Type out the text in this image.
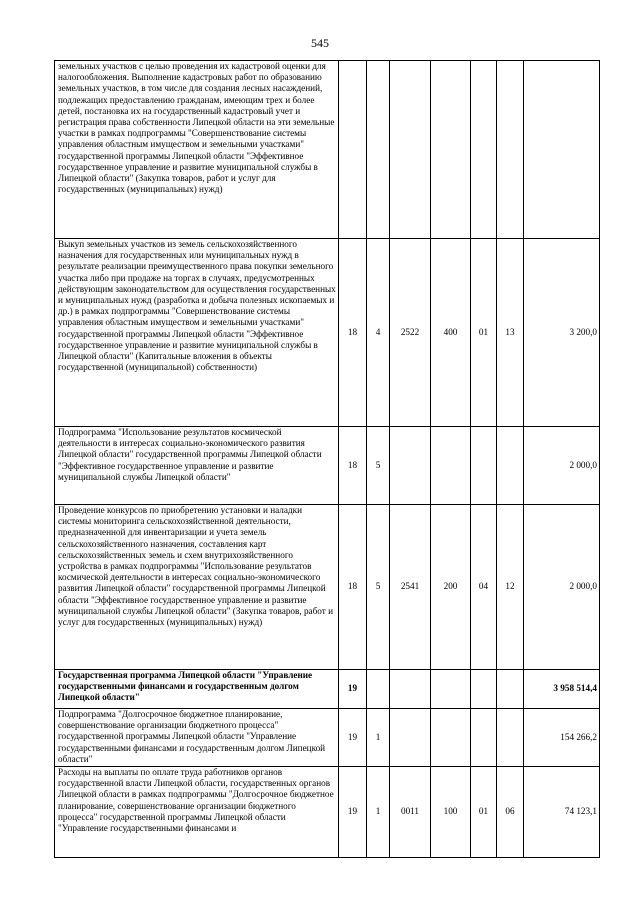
545
земельных участков с целью проведения их кадастровой оценки для налогообложения. Выполнение кадастровых работ по образованию земельных участков, в том числе для создания лесных насаждений, подлежащих предоставлению гражданам, имеющим трех и более детей, постановка их на государственный кадастровый учет и регистрация права собственности Липецкой области на эти земельные участки в рамках подпрограммы "Совершенствование системы управления областным имуществом и земельными участками" государственной программы Липецкой области "Эффективное государственное управление и развитие муниципальной службы в Липецкой области" (Закупка товаров, работ и услуг для государственных (муниципальных) нужд)							
Выкуп земельных участков из земель сельскохозяйственного назначения для государственных или муниципальных нужд в результате реализации преимущественного права покупки земельного участка либо при продаже на торгах в случаях, предусмотренных действующим законодательством для осуществления государственных и муниципальных нужд (разработка и добыча полезных ископаемых и др.) в рамках подпрограммы "Совершенствование системы управления областным имуществом и земельными участками" государственной программы Липецкой области "Эффективное государственное управление и развитие муниципальной службы в Липецкой области" (Капитальные вложения в объекты государственной (муниципальной) собственности)	18	4	2522	400	01	13	3 200,0
Подпрограмма "Использование результатов космической деятельности в интересах социально-экономического развития Липецкой области" государственной программы Липецкой области "Эффективное государственное управление и развитие муниципальной службы Липецкой области"	18	5					2 000,0
Проведение конкурсов по приобретению установки и наладки системы мониторинга сельскохозяйственной деятельности, предназначенной для инвентаризации и учета земель сельскохозяйственного назначения, составления карт сельскохозяйственных земель и схем внутрихозяйственного устройства в рамках подпрограммы "Использование результатов космической деятельности в интересах социально-экономического развития Липецкой области" государственной программы Липецкой области "Эффективное государственное управление и развитие муниципальной службы Липецкой области" (Закупка товаров, работ и услуг для государственных (муниципальных) нужд)	18	5	2541	200	04	12	2 000,0
Государственная программа Липецкой области "Управление государственными финансами и государственным долгом Липецкой области"	19						3 958 514,4
Подпрограмма "Долгосрочное бюджетное планирование, совершенствование организации бюджетного процесса" государственной программы Липецкой области "Управление государственными финансами и государственным долгом Липецкой области"	19	1					154 266,2
Расходы на выплаты по оплате труда работников органов государственной власти Липецкой области, государственных органов Липецкой области в рамках подпрограммы "Долгосрочное бюджетное планирование, совершенствование организации бюджетного процесса" государственной программы Липецкой области "Управление государственными финансами и	19	1	0011	100	01	06	74 123,1
